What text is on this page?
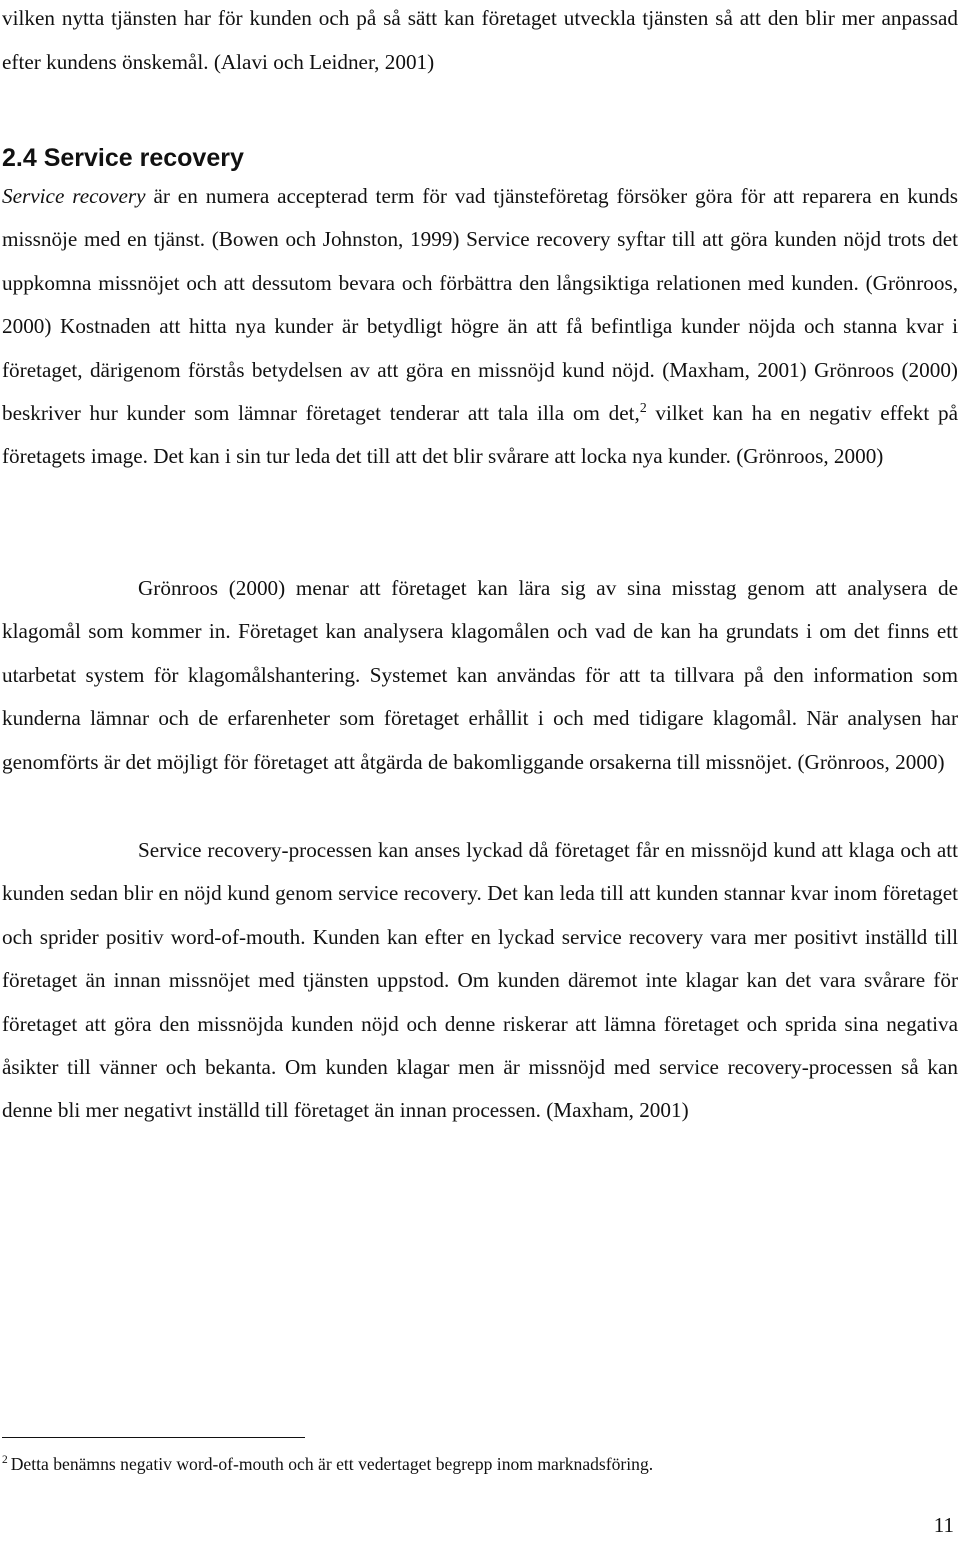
vilken nytta tjänsten har för kunden och på så sätt kan företaget utveckla tjänsten så att den blir mer anpassad efter kundens önskemål. (Alavi och Leidner, 2001)

2.4 Service recovery

Service recovery är en numera accepterad term för vad tjänsteföretag försöker göra för att reparera en kunds missnöje med en tjänst. (Bowen och Johnston, 1999) Service recovery syftar till att göra kunden nöjd trots det uppkomna missnöjet och att dessutom bevara och förbättra den långsiktiga relationen med kunden. (Grönroos, 2000) Kostnaden att hitta nya kunder är betydligt högre än att få befintliga kunder nöjda och stanna kvar i företaget, därigenom förstås betydelsen av att göra en missnöjd kund nöjd. (Maxham, 2001) Grönroos (2000) beskriver hur kunder som lämnar företaget tenderar att tala illa om det,$^2$ vilket kan ha en negativ effekt på företagets image. Det kan i sin tur leda det till att det blir svårare att locka nya kunder. (Grönroos, 2000)

Grönroos (2000) menar att företaget kan lära sig av sina misstag genom att analysera de klagomål som kommer in. Företaget kan analysera klagomålen och vad de kan ha grundats i om det finns ett utarbetat system för klagomålshantering. Systemet kan användas för att ta tillvara på den information som kunderna lämnar och de erfarenheter som företaget erhållit i och med tidigare klagomål. När analysen har genomförts är det möjligt för företaget att åtgärda de bakomliggande orsakerna till missnöjet. (Grönroos, 2000)

Service recovery-processen kan anses lyckad då företaget får en missnöjd kund att klaga och att kunden sedan blir en nöjd kund genom service recovery. Det kan leda till att kunden stannar kvar inom företaget och sprider positiv word-of-mouth. Kunden kan efter en lyckad service recovery vara mer positivt inställd till företaget än innan missnöjet med tjänsten uppstod. Om kunden däremot inte klagar kan det vara svårare för företaget att göra den missnöjda kunden nöjd och denne riskerar att lämna företaget och sprida sina negativa åsikter till vänner och bekanta. Om kunden klagar men är missnöjd med service recovery-processen så kan denne bli mer negativt inställd till företaget än innan processen. (Maxham, 2001)

$^2$ Detta benämns negativ word-of-mouth och är ett vedertaget begrepp inom marknadsföring.

11
